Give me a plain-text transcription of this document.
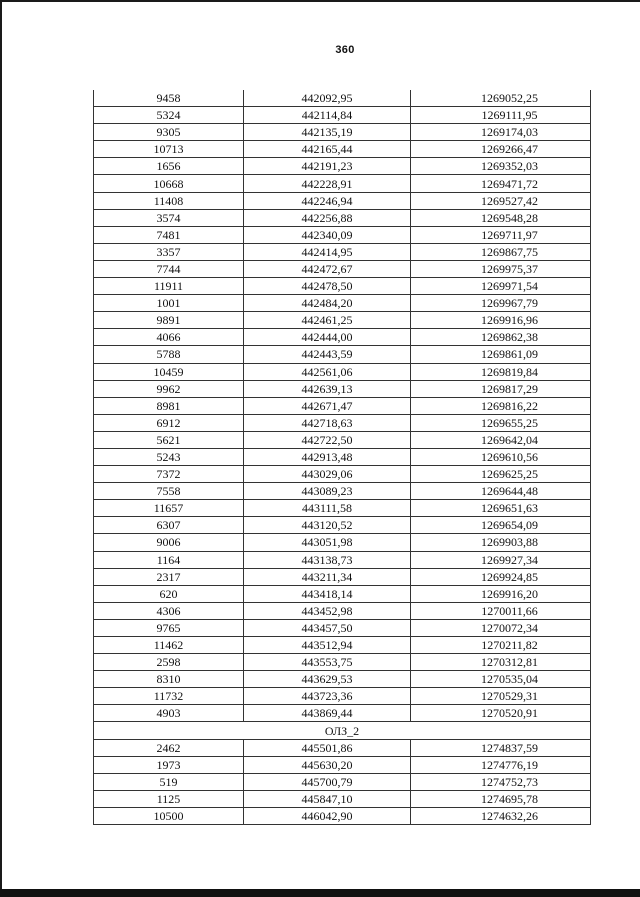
360
9458	442092,95	1269052,25
5324	442114,84	1269111,95
9305	442135,19	1269174,03
10713	442165,44	1269266,47
1656	442191,23	1269352,03
10668	442228,91	1269471,72
11408	442246,94	1269527,42
3574	442256,88	1269548,28
7481	442340,09	1269711,97
3357	442414,95	1269867,75
7744	442472,67	1269975,37
11911	442478,50	1269971,54
1001	442484,20	1269967,79
9891	442461,25	1269916,96
4066	442444,00	1269862,38
5788	442443,59	1269861,09
10459	442561,06	1269819,84
9962	442639,13	1269817,29
8981	442671,47	1269816,22
6912	442718,63	1269655,25
5621	442722,50	1269642,04
5243	442913,48	1269610,56
7372	443029,06	1269625,25
7558	443089,23	1269644,48
11657	443111,58	1269651,63
6307	443120,52	1269654,09
9006	443051,98	1269903,88
1164	443138,73	1269927,34
2317	443211,34	1269924,85
620	443418,14	1269916,20
4306	443452,98	1270011,66
9765	443457,50	1270072,34
11462	443512,94	1270211,82
2598	443553,75	1270312,81
8310	443629,53	1270535,04
11732	443723,36	1270529,31
4903	443869,44	1270520,91
ОЛЗ_2		
2462	445501,86	1274837,59
1973	445630,20	1274776,19
519	445700,79	1274752,73
1125	445847,10	1274695,78
10500	446042,90	1274632,26
